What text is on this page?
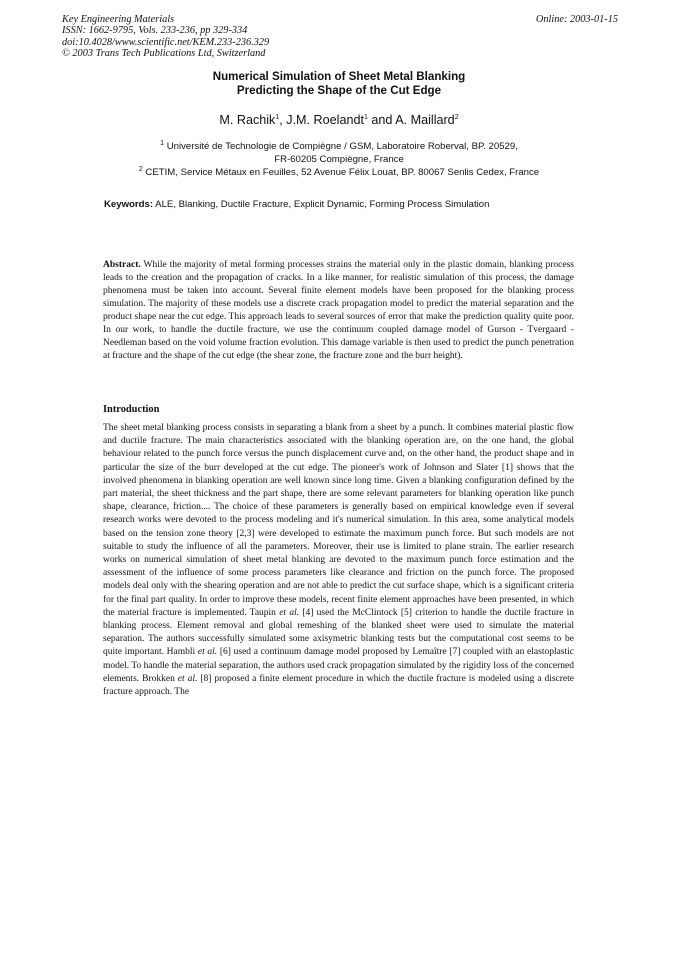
Key Engineering Materials
ISSN: 1662-9795, Vols. 233-236, pp 329-334
doi:10.4028/www.scientific.net/KEM.233-236.329
© 2003 Trans Tech Publications Ltd, Switzerland
Online: 2003-01-15
Numerical Simulation of Sheet Metal Blanking
Predicting the Shape of the Cut Edge
M. Rachik$^1$, J.M. Roelandt$^1$ and A. Maillard$^2$
$^1$ Université de Technologie de Compiègne / GSM, Laboratoire Roberval, BP. 20529,
FR-60205 Compiègne, France
$^2$ CETIM, Service Métaux en Feuilles, 52 Avenue Félix Louat, BP. 80067 Senlis Cedex, France
Keywords: ALE, Blanking, Ductile Fracture, Explicit Dynamic, Forming Process Simulation
Abstract. While the majority of metal forming processes strains the material only in the plastic domain, blanking process leads to the creation and the propagation of cracks. In a like manner, for realistic simulation of this process, the damage phenomena must be taken into account. Several finite element models have been proposed for the blanking process simulation. The majority of these models use a discrete crack propagation model to predict the material separation and the product shape near the cut edge. This approach leads to several sources of error that make the prediction quality quite poor. In our work, to handle the ductile fracture, we use the continuum coupled damage model of Gurson - Tvergaard - Needleman based on the void volume fraction evolution. This damage variable is then used to predict the punch penetration at fracture and the shape of the cut edge (the shear zone, the fracture zone and the burr height).
Introduction
The sheet metal blanking process consists in separating a blank from a sheet by a punch. It combines material plastic flow and ductile fracture. The main characteristics associated with the blanking operation are, on the one hand, the global behaviour related to the punch force versus the punch displacement curve and, on the other hand, the product shape and in particular the size of the burr developed at the cut edge. The pioneer's work of Johnson and Slater [1] shows that the involved phenomena in blanking operation are well known since long time. Given a blanking configuration defined by the part material, the sheet thickness and the part shape, there are some relevant parameters for blanking operation like punch shape, clearance, friction.... The choice of these parameters is generally based on empirical knowledge even if several research works were devoted to the process modeling and it's numerical simulation. In this area, some analytical models based on the tension zone theory [2,3] were developed to estimate the maximum punch force. But such models are not suitable to study the influence of all the parameters. Moreover, their use is limited to plane strain. The earlier research works on numerical simulation of sheet metal blanking are devoted to the maximum punch force estimation and the assessment of the influence of some process parameters like clearance and friction on the punch force. The proposed models deal only with the shearing operation and are not able to predict the cut surface shape, which is a significant criteria for the final part quality. In order to improve these models, recent finite element approaches have been presented, in which the material fracture is implemented. Taupin et al. [4] used the McClintock [5] criterion to handle the ductile fracture in blanking process. Element removal and global remeshing of the blanked sheet were used to simulate the material separation. The authors successfully simulated some axisymetric blanking tests but the computational cost seems to be quite important. Hambli et al. [6] used a continuum damage model proposed by Lemaître [7] coupled with an elastoplastic model. To handle the material separation, the authors used crack propagation simulated by the rigidity loss of the concerned elements. Brokken et al. [8] proposed a finite element procedure in which the ductile fracture is modeled using a discrete fracture approach. The
